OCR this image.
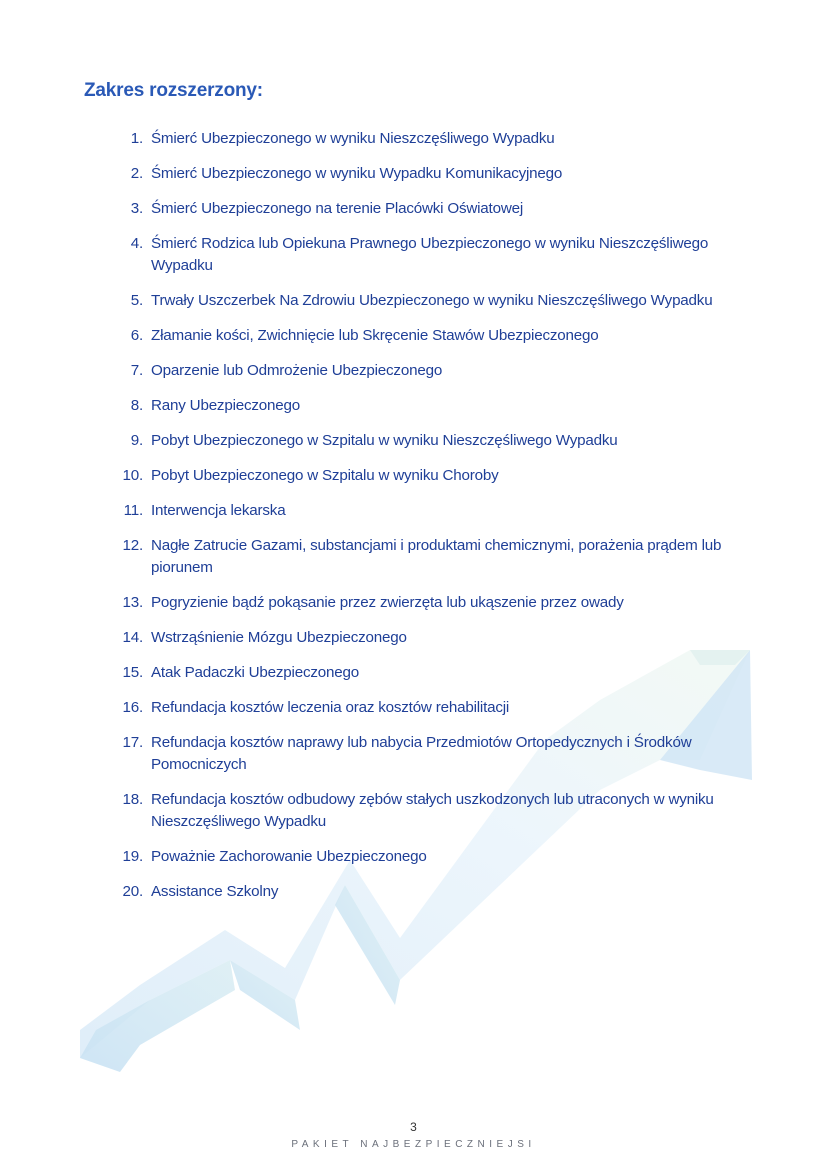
Zakres rozszerzony:
1. Śmierć Ubezpieczonego w wyniku Nieszczęśliwego Wypadku
2. Śmierć Ubezpieczonego w wyniku Wypadku Komunikacyjnego
3. Śmierć Ubezpieczonego na terenie Placówki Oświatowej
4. Śmierć Rodzica lub Opiekuna Prawnego Ubezpieczonego w wyniku Nieszczęśliwego Wypadku
5. Trwały Uszczerbek Na Zdrowiu Ubezpieczonego w wyniku Nieszczęśliwego Wypadku
6. Złamanie kości, Zwichnięcie lub Skręcenie Stawów Ubezpieczonego
7. Oparzenie lub Odmrożenie Ubezpieczonego
8. Rany Ubezpieczonego
9. Pobyt Ubezpieczonego w Szpitalu w wyniku Nieszczęśliwego Wypadku
10. Pobyt Ubezpieczonego w Szpitalu w wyniku Choroby
11. Interwencja lekarska
12. Nagłe Zatrucie Gazami, substancjami i produktami chemicznymi, porażenia prądem lub piorunem
13. Pogryzienie bądź pokąsanie przez zwierzęta lub ukąszenie przez owady
14. Wstrząśnienie Mózgu Ubezpieczonego
15. Atak Padaczki Ubezpieczonego
16. Refundacja kosztów leczenia oraz kosztów rehabilitacji
17. Refundacja kosztów naprawy lub nabycia Przedmiotów Ortopedycznych i Środków Pomocniczych
18. Refundacja kosztów odbudowy zębów stałych uszkodzonych lub utraconych w wyniku Nieszczęśliwego Wypadku
19. Poważnie Zachorowanie Ubezpieczonego
20. Assistance Szkolny
3
PAKIET NAJBEZPIECZNIEJSI
